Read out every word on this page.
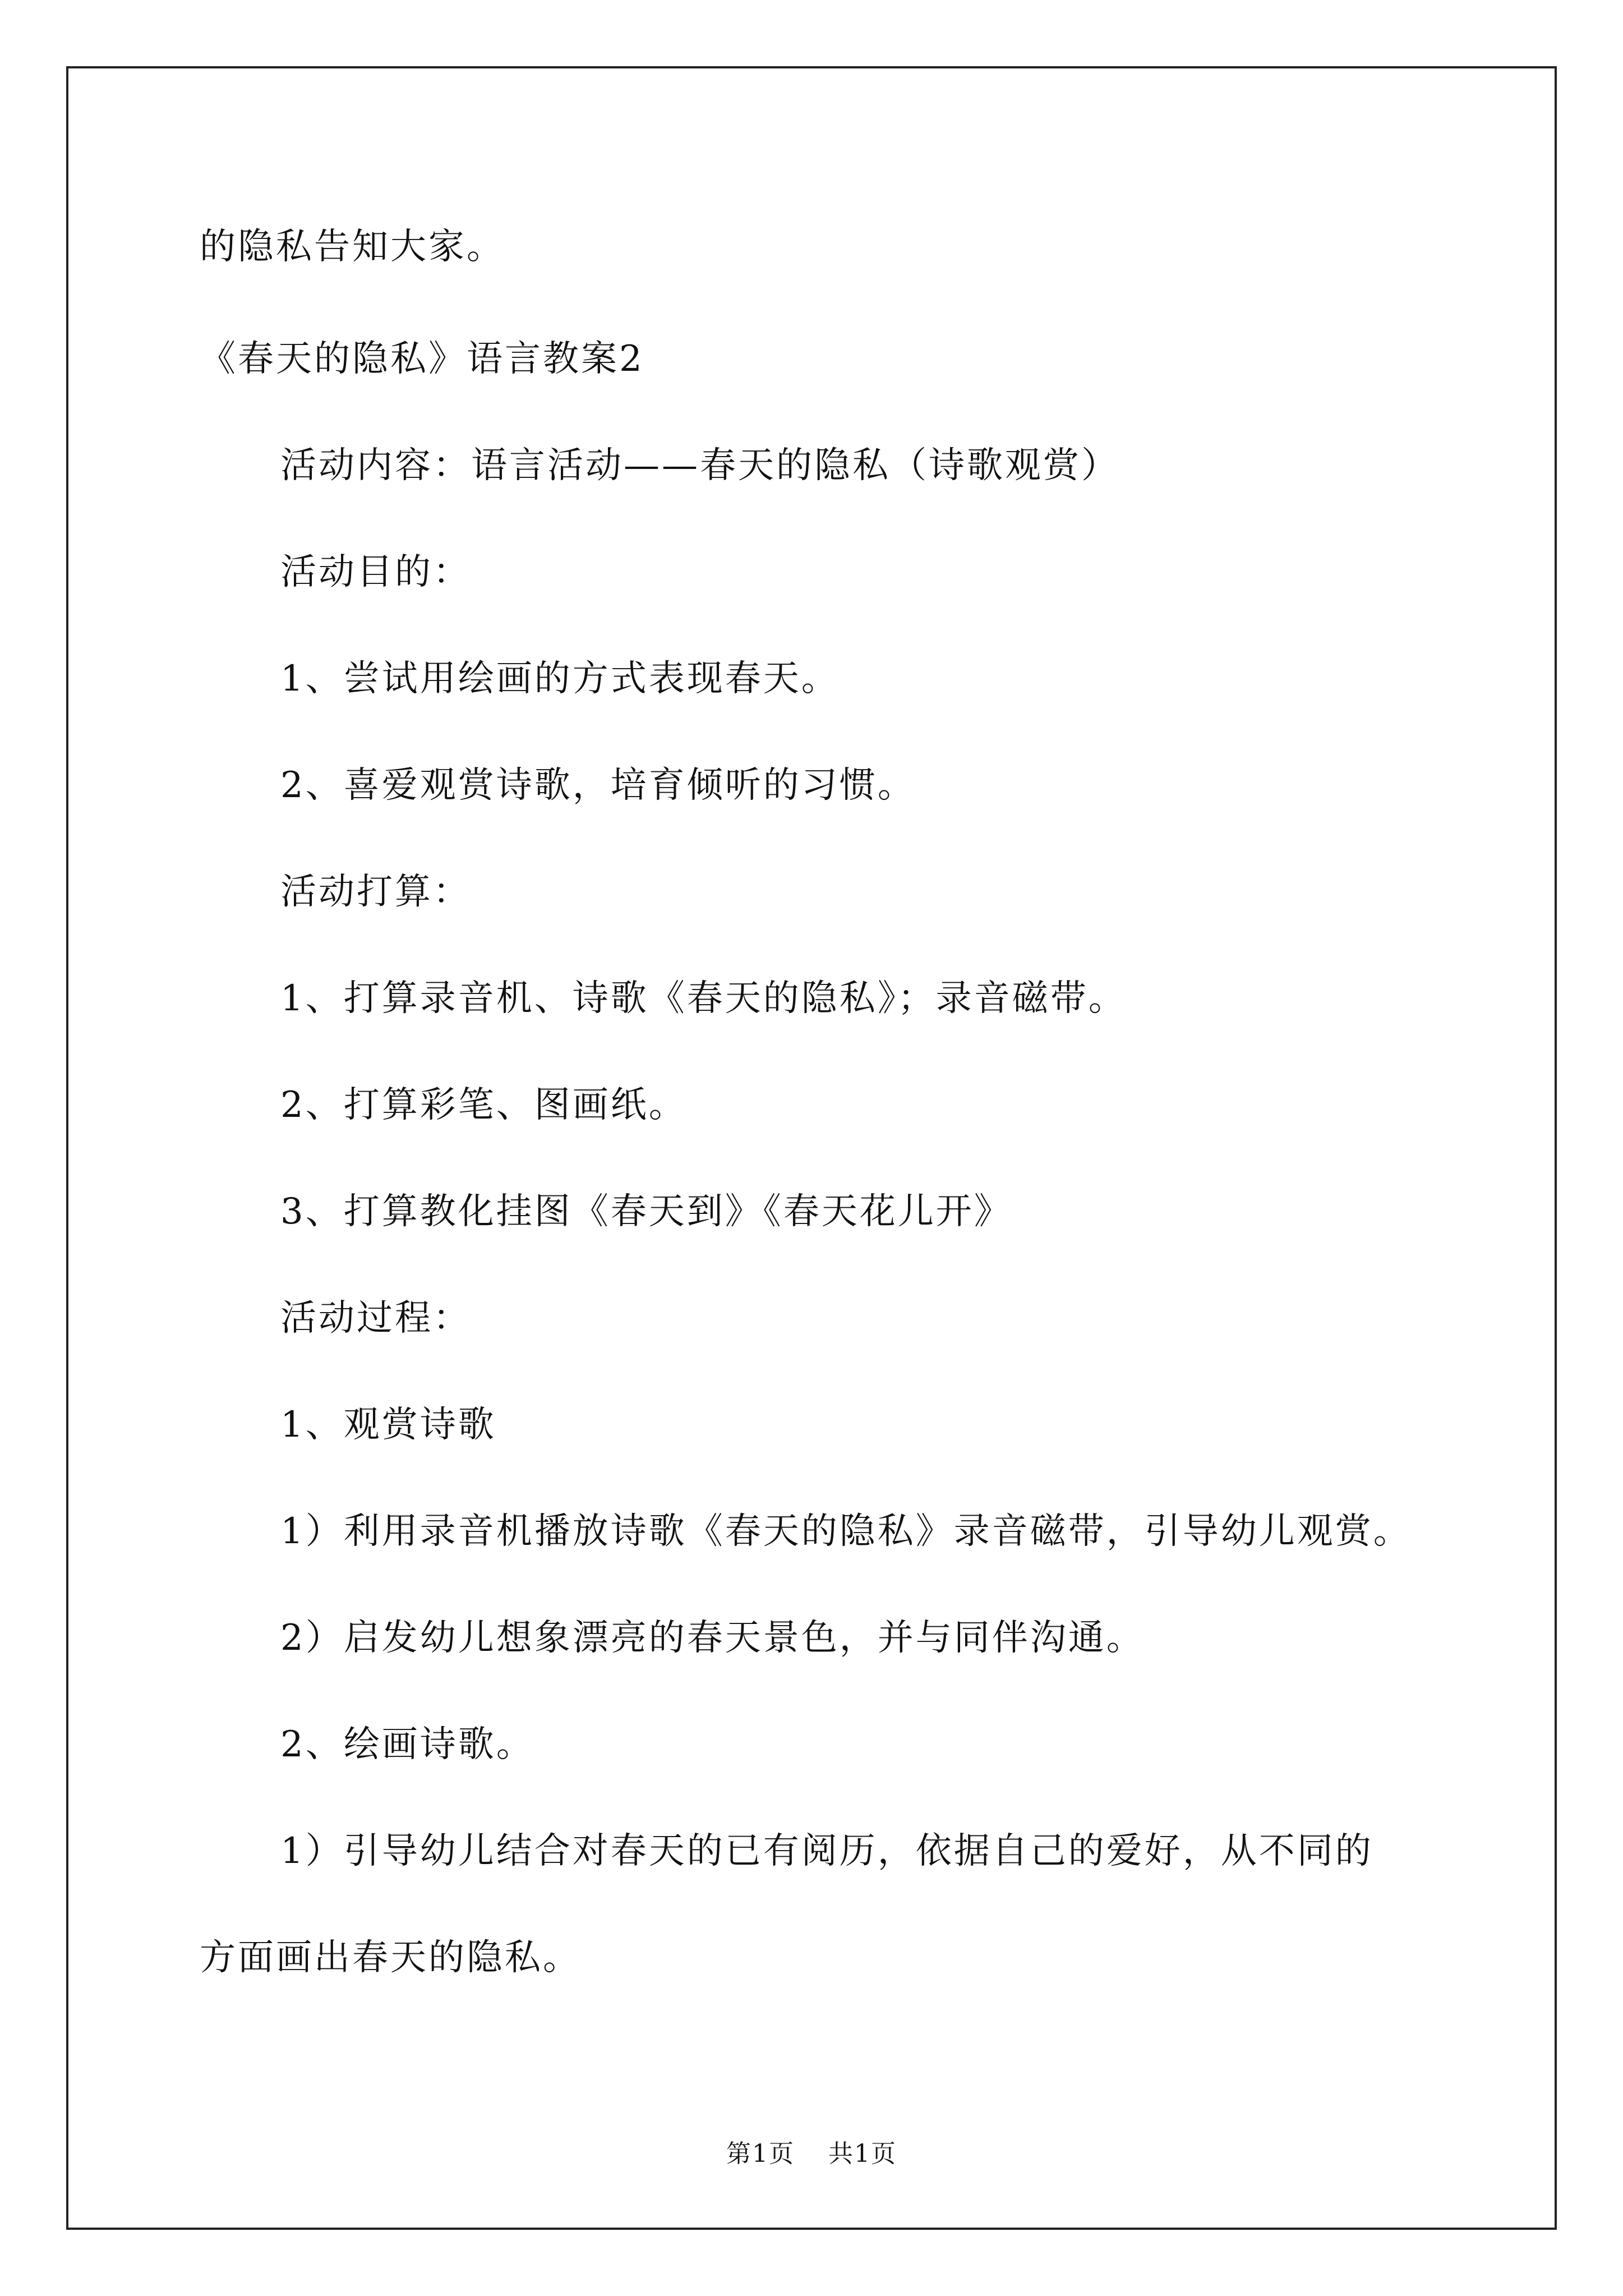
的隐私告知大家。
《春天的隐私》语言教案2
活动内容：语言活动——春天的隐私（诗歌观赏）
活动目的：
1、尝试用绘画的方式表现春天。
2、喜爱观赏诗歌，培育倾听的习惯。
活动打算：
1、打算录音机、诗歌《春天的隐私》；录音磁带。
2、打算彩笔、图画纸。
3、打算教化挂图《春天到》《春天花儿开》
活动过程：
1、观赏诗歌
1）利用录音机播放诗歌《春天的隐私》录音磁带，引导幼儿观赏。
2）启发幼儿想象漂亮的春天景色，并与同伴沟通。
2、绘画诗歌。
1）引导幼儿结合对春天的已有阅历，依据自己的爱好，从不同的
方面画出春天的隐私。
第1页 共1页
